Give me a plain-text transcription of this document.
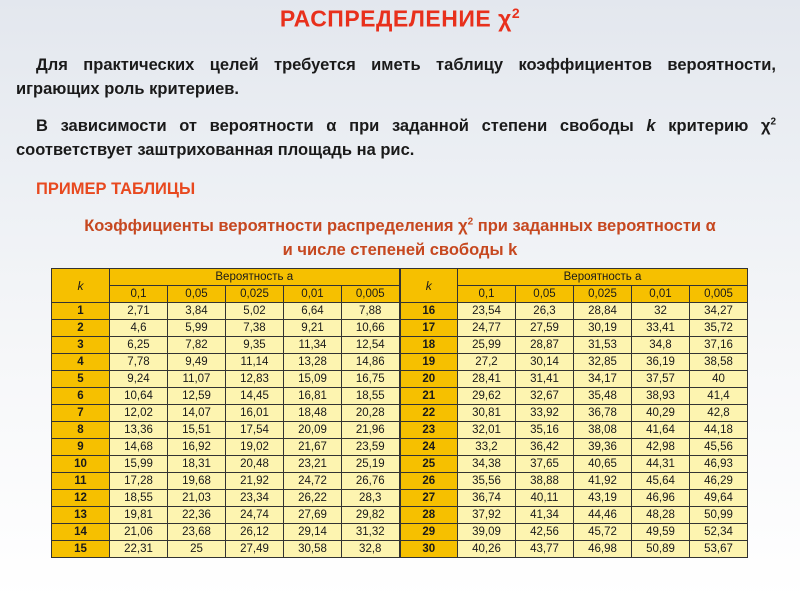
РАСПРЕДЕЛЕНИЕ $\chi^2$
Для практических целей требуется иметь таблицу коэффициентов вероятности, играющих роль критериев.
В зависимости от вероятности α при заданной степени свободы k критерию $\chi^2$ соответствует заштрихованная площадь на рис.
ПРИМЕР ТАБЛИЦЫ
Коэффициенты вероятности распределения $\chi^2$ при заданных вероятности α
и числе степеней свободы k
k	Вероятность a					k	Вероятность a				
	0,1	0,05	0,025	0,01	0,005		0,1	0,05	0,025	0,01	0,005
1	2,71	3,84	5,02	6,64	7,88	16	23,54	26,3	28,84	32	34,27
2	4,6	5,99	7,38	9,21	10,66	17	24,77	27,59	30,19	33,41	35,72
3	6,25	7,82	9,35	11,34	12,54	18	25,99	28,87	31,53	34,8	37,16
4	7,78	9,49	11,14	13,28	14,86	19	27,2	30,14	32,85	36,19	38,58
5	9,24	11,07	12,83	15,09	16,75	20	28,41	31,41	34,17	37,57	40
6	10,64	12,59	14,45	16,81	18,55	21	29,62	32,67	35,48	38,93	41,4
7	12,02	14,07	16,01	18,48	20,28	22	30,81	33,92	36,78	40,29	42,8
8	13,36	15,51	17,54	20,09	21,96	23	32,01	35,16	38,08	41,64	44,18
9	14,68	16,92	19,02	21,67	23,59	24	33,2	36,42	39,36	42,98	45,56
10	15,99	18,31	20,48	23,21	25,19	25	34,38	37,65	40,65	44,31	46,93
11	17,28	19,68	21,92	24,72	26,76	26	35,56	38,88	41,92	45,64	46,29
12	18,55	21,03	23,34	26,22	28,3	27	36,74	40,11	43,19	46,96	49,64
13	19,81	22,36	24,74	27,69	29,82	28	37,92	41,34	44,46	48,28	50,99
14	21,06	23,68	26,12	29,14	31,32	29	39,09	42,56	45,72	49,59	52,34
15	22,31	25	27,49	30,58	32,8	30	40,26	43,77	46,98	50,89	53,67
